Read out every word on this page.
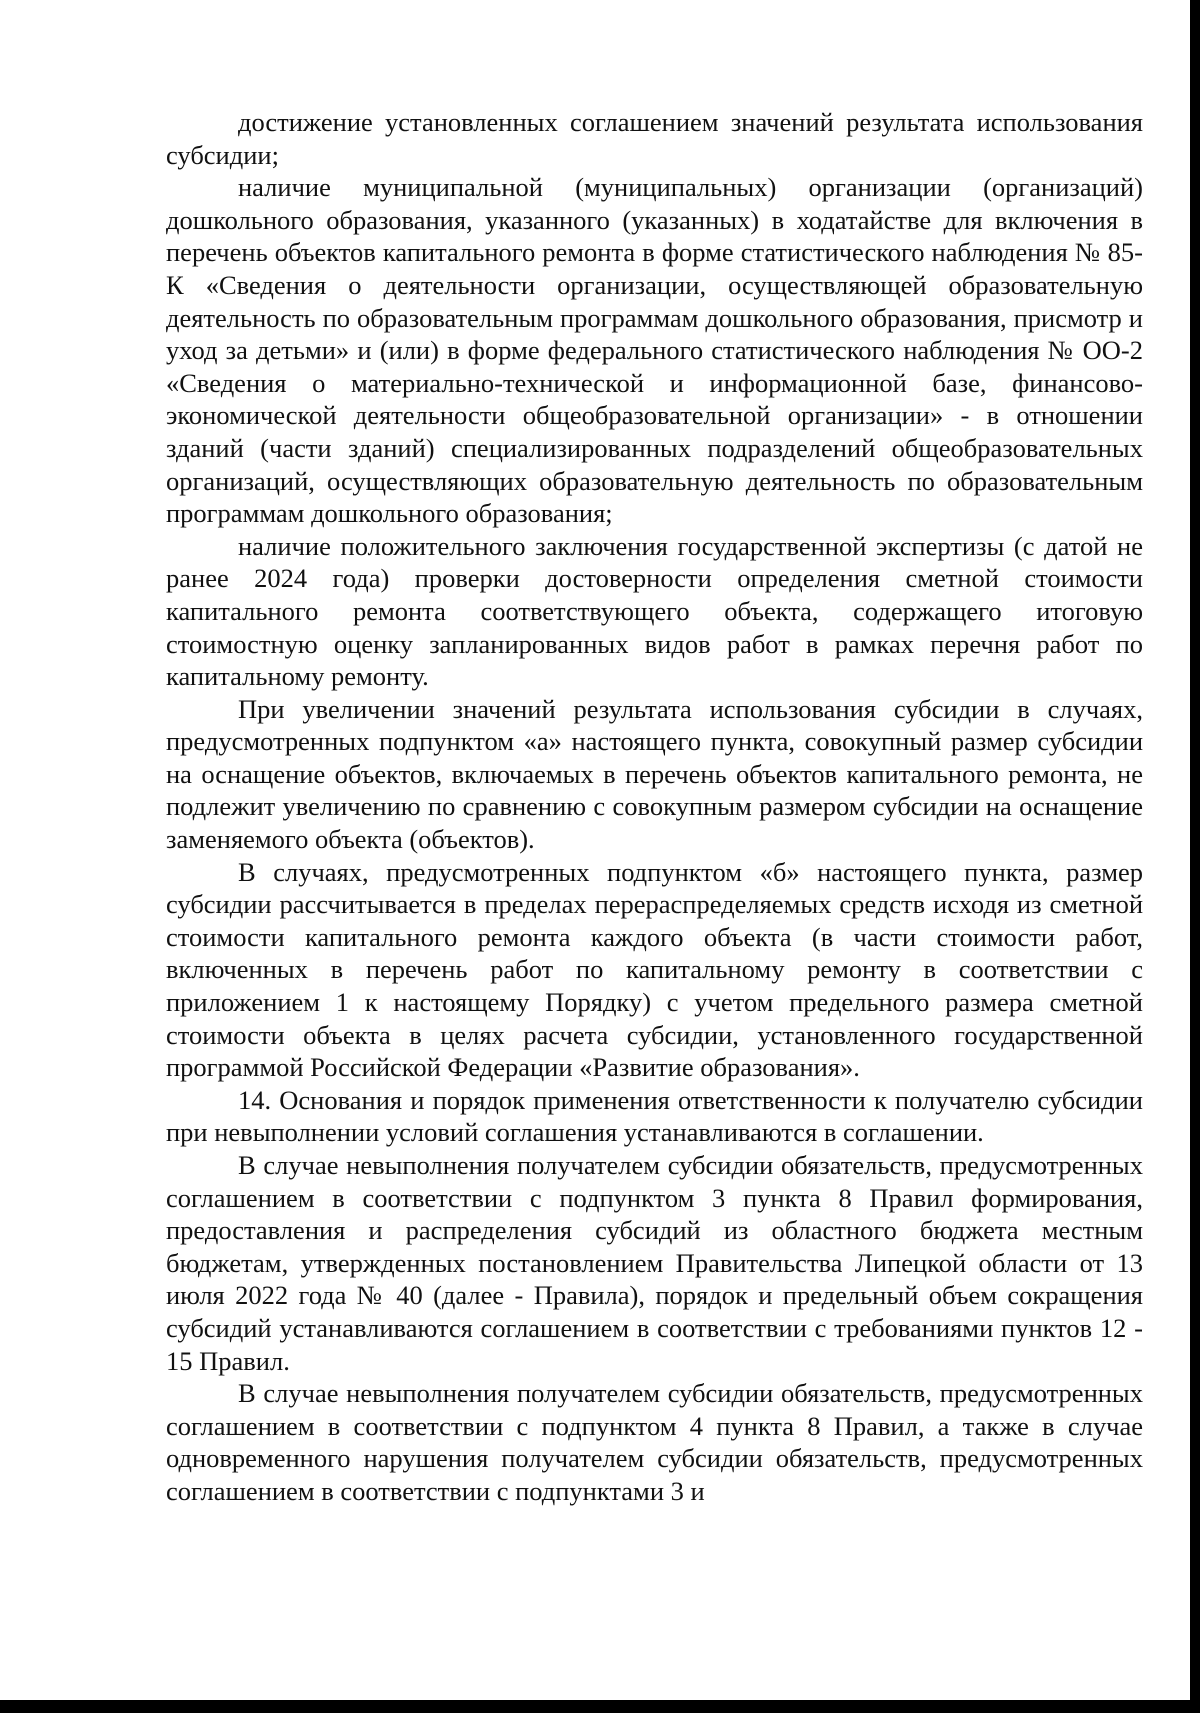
достижение установленных соглашением значений результата использования субсидии;

наличие муниципальной (муниципальных) организации (организаций) дошкольного образования, указанного (указанных) в ходатайстве для включения в перечень объектов капитального ремонта в форме статистического наблюдения № 85-К «Сведения о деятельности организации, осуществляющей образовательную деятельность по образовательным программам дошкольного образования, присмотр и уход за детьми» и (или) в форме федерального статистического наблюдения № ОО-2 «Сведения о материально-технической и информационной базе, финансово-экономической деятельности общеобразовательной организации» - в отношении зданий (части зданий) специализированных подразделений общеобразовательных организаций, осуществляющих образовательную деятельность по образовательным программам дошкольного образования;

наличие положительного заключения государственной экспертизы (с датой не ранее 2024 года) проверки достоверности определения сметной стоимости капитального ремонта соответствующего объекта, содержащего итоговую стоимостную оценку запланированных видов работ в рамках перечня работ по капитальному ремонту.

При увеличении значений результата использования субсидии в случаях, предусмотренных подпунктом «а» настоящего пункта, совокупный размер субсидии на оснащение объектов, включаемых в перечень объектов капитального ремонта, не подлежит увеличению по сравнению с совокупным размером субсидии на оснащение заменяемого объекта (объектов).

В случаях, предусмотренных подпунктом «б» настоящего пункта, размер субсидии рассчитывается в пределах перераспределяемых средств исходя из сметной стоимости капитального ремонта каждого объекта (в части стоимости работ, включенных в перечень работ по капитальному ремонту в соответствии с приложением 1 к настоящему Порядку) с учетом предельного размера сметной стоимости объекта в целях расчета субсидии, установленного государственной программой Российской Федерации «Развитие образования».

14. Основания и порядок применения ответственности к получателю субсидии при невыполнении условий соглашения устанавливаются в соглашении.

В случае невыполнения получателем субсидии обязательств, предусмотренных соглашением в соответствии с подпунктом 3 пункта 8 Правил формирования, предоставления и распределения субсидий из областного бюджета местным бюджетам, утвержденных постановлением Правительства Липецкой области от 13 июля 2022 года № 40 (далее - Правила), порядок и предельный объем сокращения субсидий устанавливаются соглашением в соответствии с требованиями пунктов 12 - 15 Правил.

В случае невыполнения получателем субсидии обязательств, предусмотренных соглашением в соответствии с подпунктом 4 пункта 8 Правил, а также в случае одновременного нарушения получателем субсидии обязательств, предусмотренных соглашением в соответствии с подпунктами 3 и
